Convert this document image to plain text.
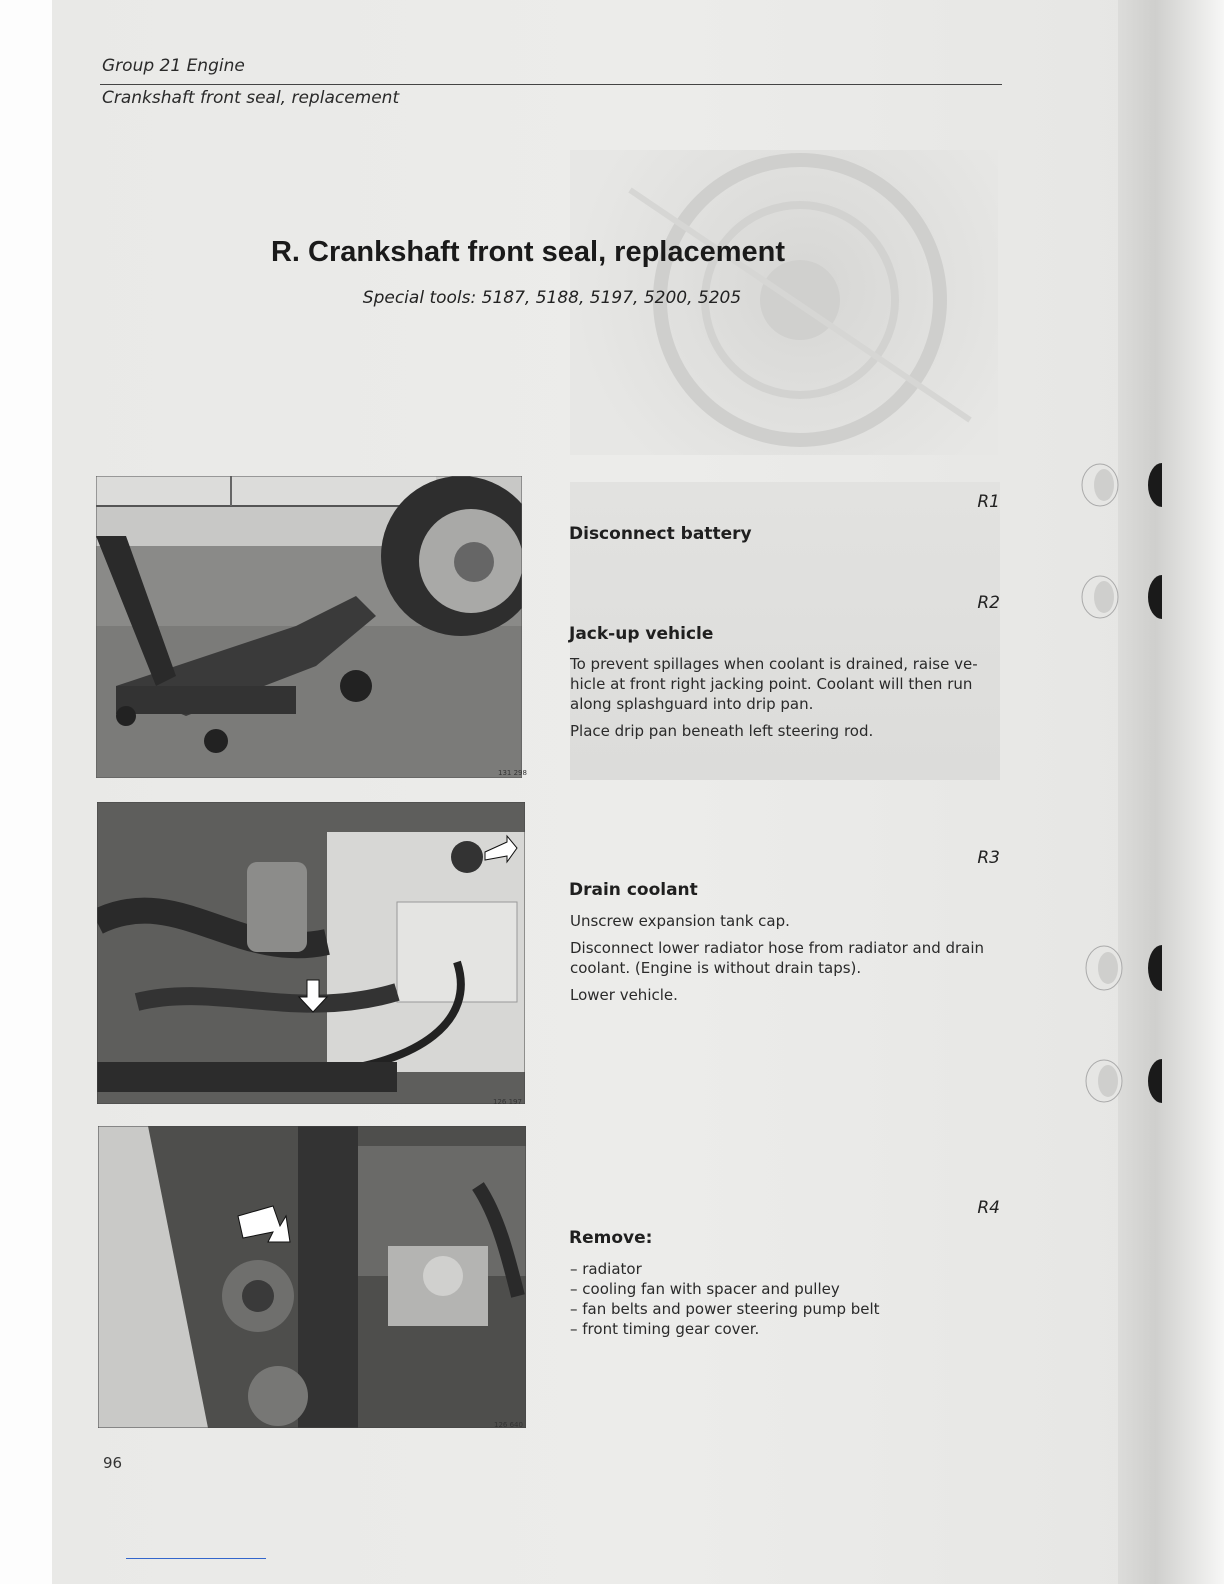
Group 21 Engine
Crankshaft front seal, replacement
R. Crankshaft front seal, replacement
Special tools: 5187, 5188, 5197, 5200, 5205
131 298
126 197
126 640
R1
Disconnect battery
R2
Jack-up vehicle
To prevent spillages when coolant is drained, raise ve-
hicle at front right jacking point. Coolant will then run
along splashguard into drip pan.
Place drip pan beneath left steering rod.
R3
Drain coolant
Unscrew expansion tank cap.
Disconnect lower radiator hose from radiator and drain
coolant. (Engine is without drain taps).
Lower vehicle.
R4
Remove:
– radiator
– cooling fan with spacer and pulley
– fan belts and power steering pump belt
– front timing gear cover.
96
